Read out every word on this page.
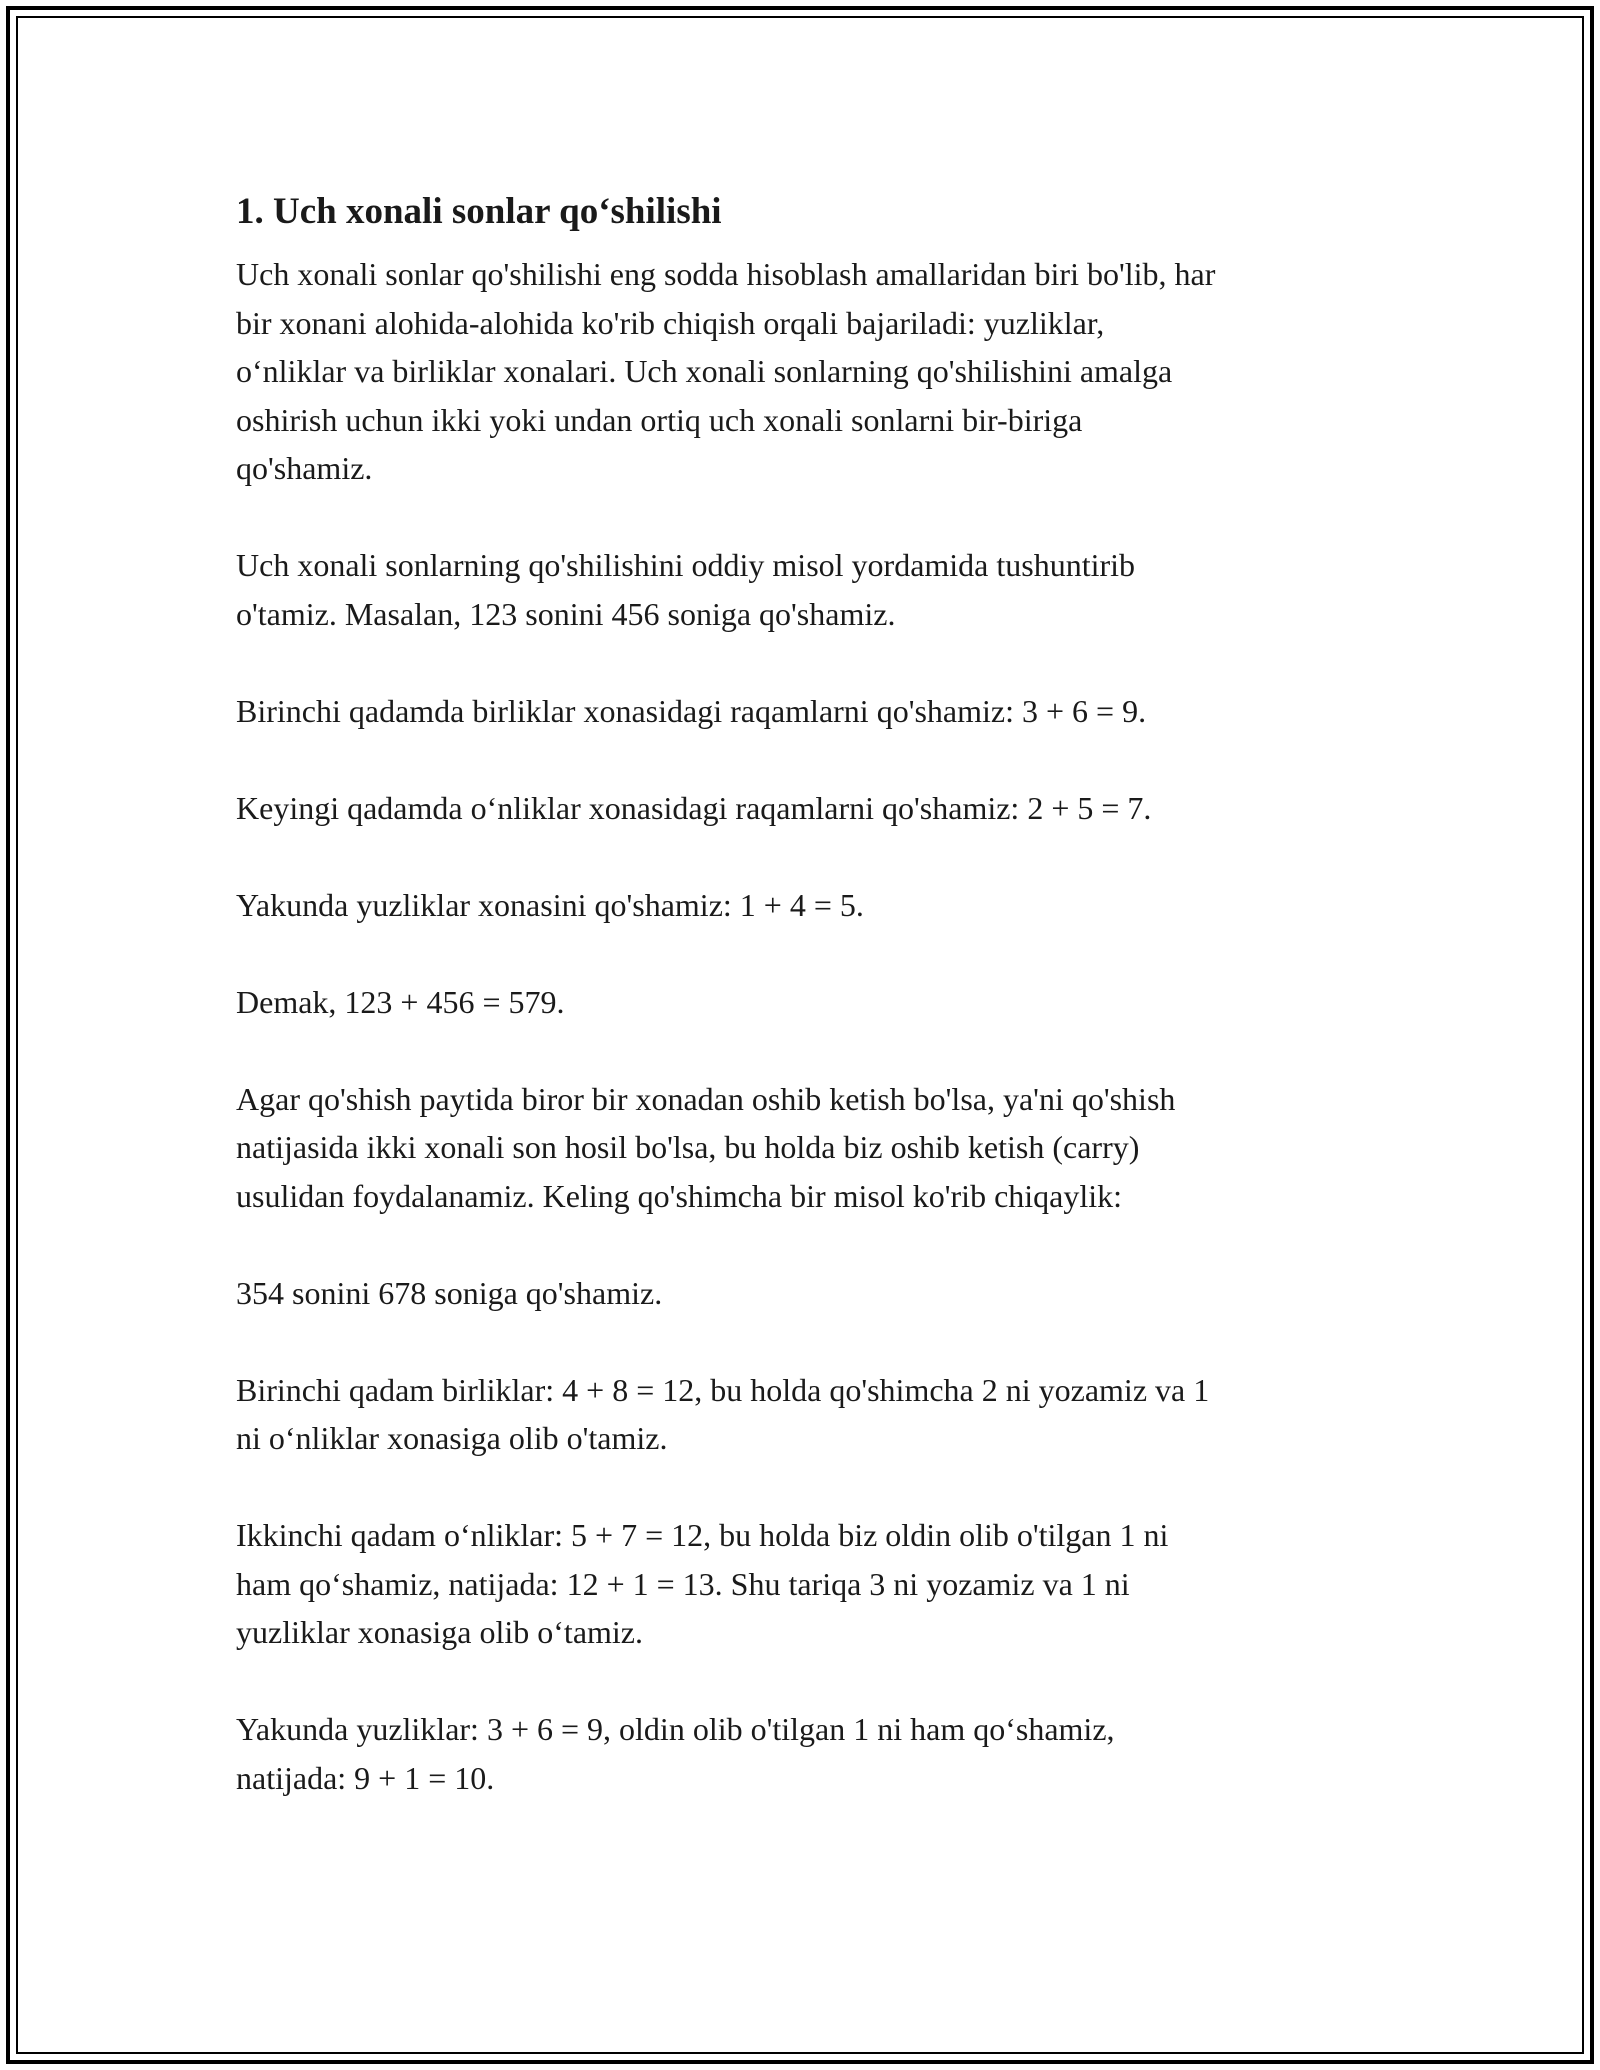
1. Uch xonali sonlar qo‘shilishi
Uch xonali sonlar qo'shilishi eng sodda hisoblash amallaridan biri bo'lib, har
bir xonani alohida-alohida ko'rib chiqish orqali bajariladi: yuzliklar,
o‘nliklar va birliklar xonalari. Uch xonali sonlarning qo'shilishini amalga
oshirish uchun ikki yoki undan ortiq uch xonali sonlarni bir-biriga
qo'shamiz.
Uch xonali sonlarning qo'shilishini oddiy misol yordamida tushuntirib
o'tamiz. Masalan, 123 sonini 456 soniga qo'shamiz.
Birinchi qadamda birliklar xonasidagi raqamlarni qo'shamiz: 3 + 6 = 9.
Keyingi qadamda o‘nliklar xonasidagi raqamlarni qo'shamiz: 2 + 5 = 7.
Yakunda yuzliklar xonasini qo'shamiz: 1 + 4 = 5.
Demak, 123 + 456 = 579.
Agar qo'shish paytida biror bir xonadan oshib ketish bo'lsa, ya'ni qo'shish
natijasida ikki xonali son hosil bo'lsa, bu holda biz oshib ketish (carry)
usulidan foydalanamiz. Keling qo'shimcha bir misol ko'rib chiqaylik:
354 sonini 678 soniga qo'shamiz.
Birinchi qadam birliklar: 4 + 8 = 12, bu holda qo'shimcha 2 ni yozamiz va 1
ni o‘nliklar xonasiga olib o'tamiz.
Ikkinchi qadam o‘nliklar: 5 + 7 = 12, bu holda biz oldin olib o'tilgan 1 ni
ham qo‘shamiz, natijada: 12 + 1 = 13. Shu tariqa 3 ni yozamiz va 1 ni
yuzliklar xonasiga olib o‘tamiz.
Yakunda yuzliklar: 3 + 6 = 9, oldin olib o'tilgan 1 ni ham qo‘shamiz,
natijada: 9 + 1 = 10.
